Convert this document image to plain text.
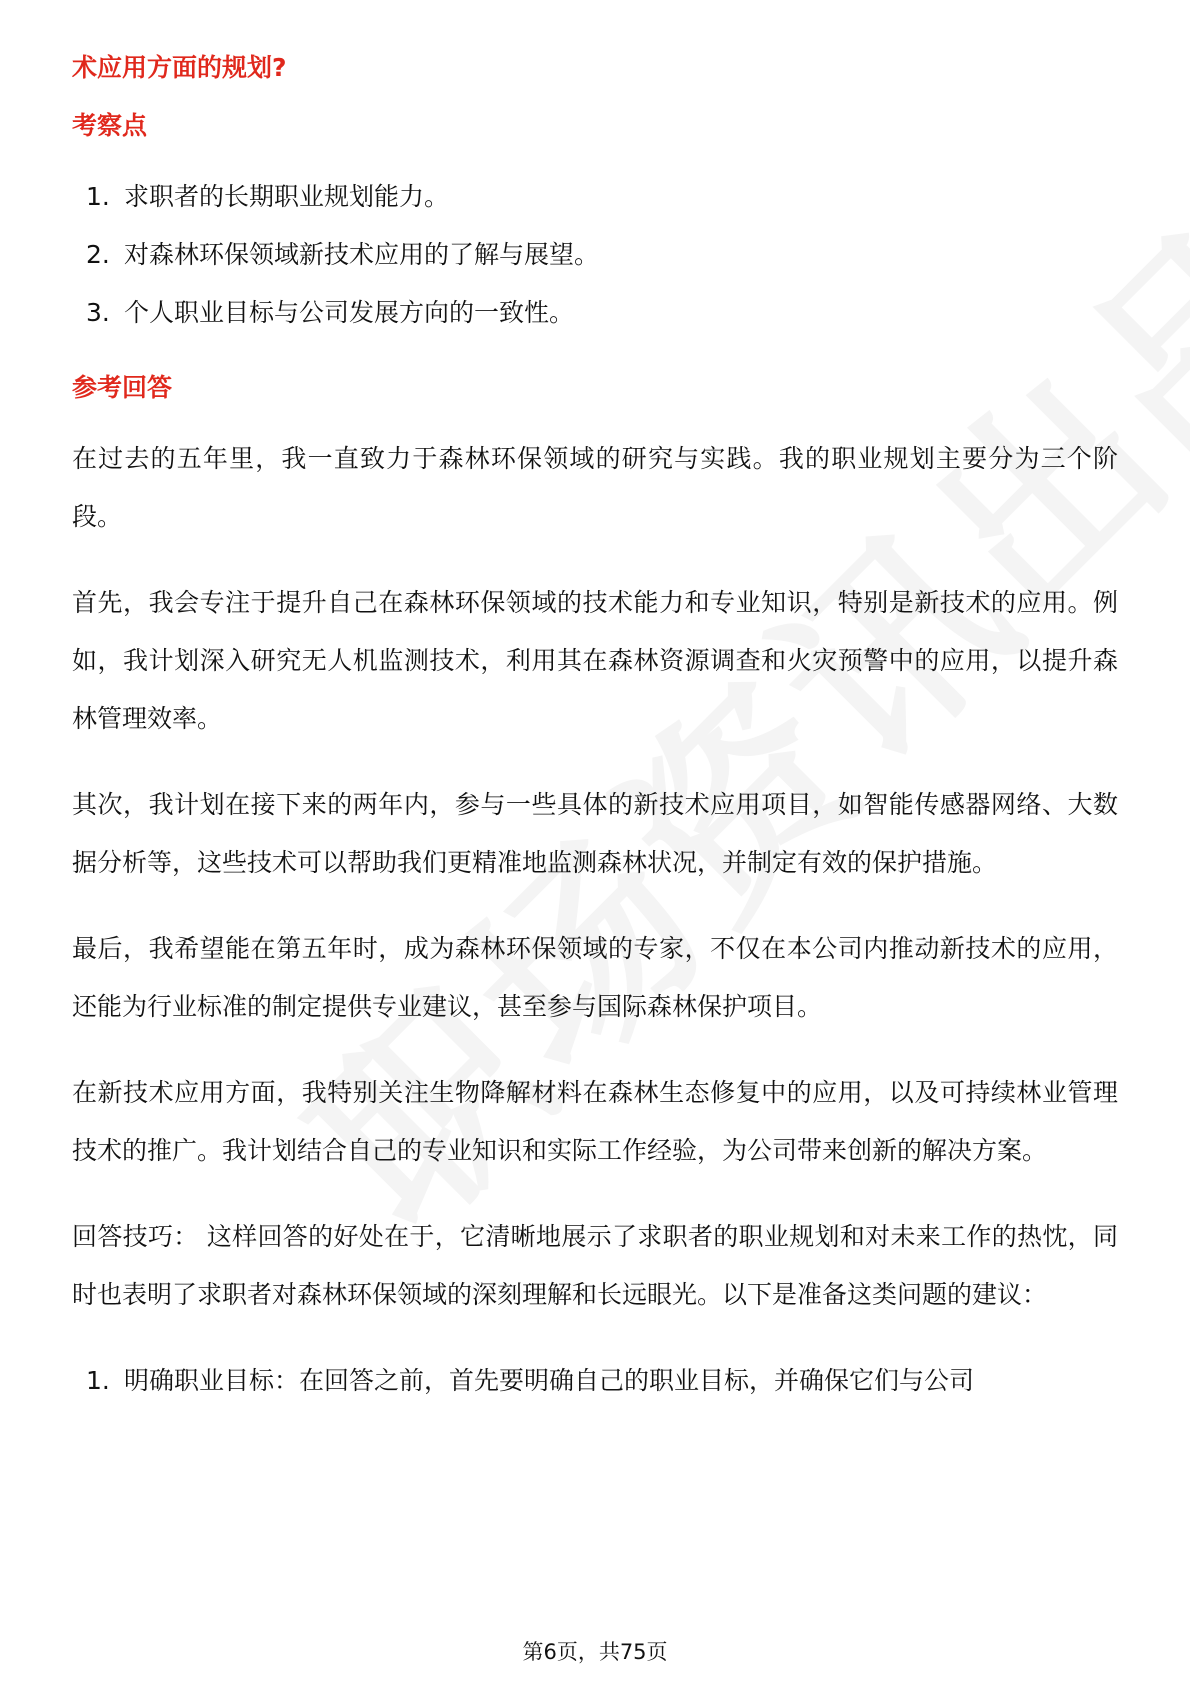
术应用方面的规划?
考察点
1. 求职者的长期职业规划能力。
2. 对森林环保领域新技术应用的了解与展望。
3. 个人职业目标与公司发展方向的一致性。
参考回答

在过去的五年里，我一直致力于森林环保领域的研究与实践。我的职业规划主要分为三个阶段。

首先，我会专注于提升自己在森林环保领域的技术能力和专业知识，特别是新技术的应用。例如，我计划深入研究无人机监测技术，利用其在森林资源调查和火灾预警中的应用，以提升森林管理效率。

其次，我计划在接下来的两年内，参与一些具体的新技术应用项目，如智能传感器网络、大数据分析等，这些技术可以帮助我们更精准地监测森林状况，并制定有效的保护措施。

最后，我希望能在第五年时，成为森林环保领域的专家，不仅在本公司内推动新技术的应用，还能为行业标准的制定提供专业建议，甚至参与国际森林保护项目。

在新技术应用方面，我特别关注生物降解材料在森林生态修复中的应用，以及可持续林业管理技术的推广。我计划结合自己的专业知识和实际工作经验，为公司带来创新的解决方案。

回答技巧： 这样回答的好处在于，它清晰地展示了求职者的职业规划和对未来工作的热忱，同时也表明了求职者对森林环保领域的深刻理解和长远眼光。以下是准备这类问题的建议：

1. 明确职业目标：在回答之前，首先要明确自己的职业目标，并确保它们与公司
第6页，共75页
